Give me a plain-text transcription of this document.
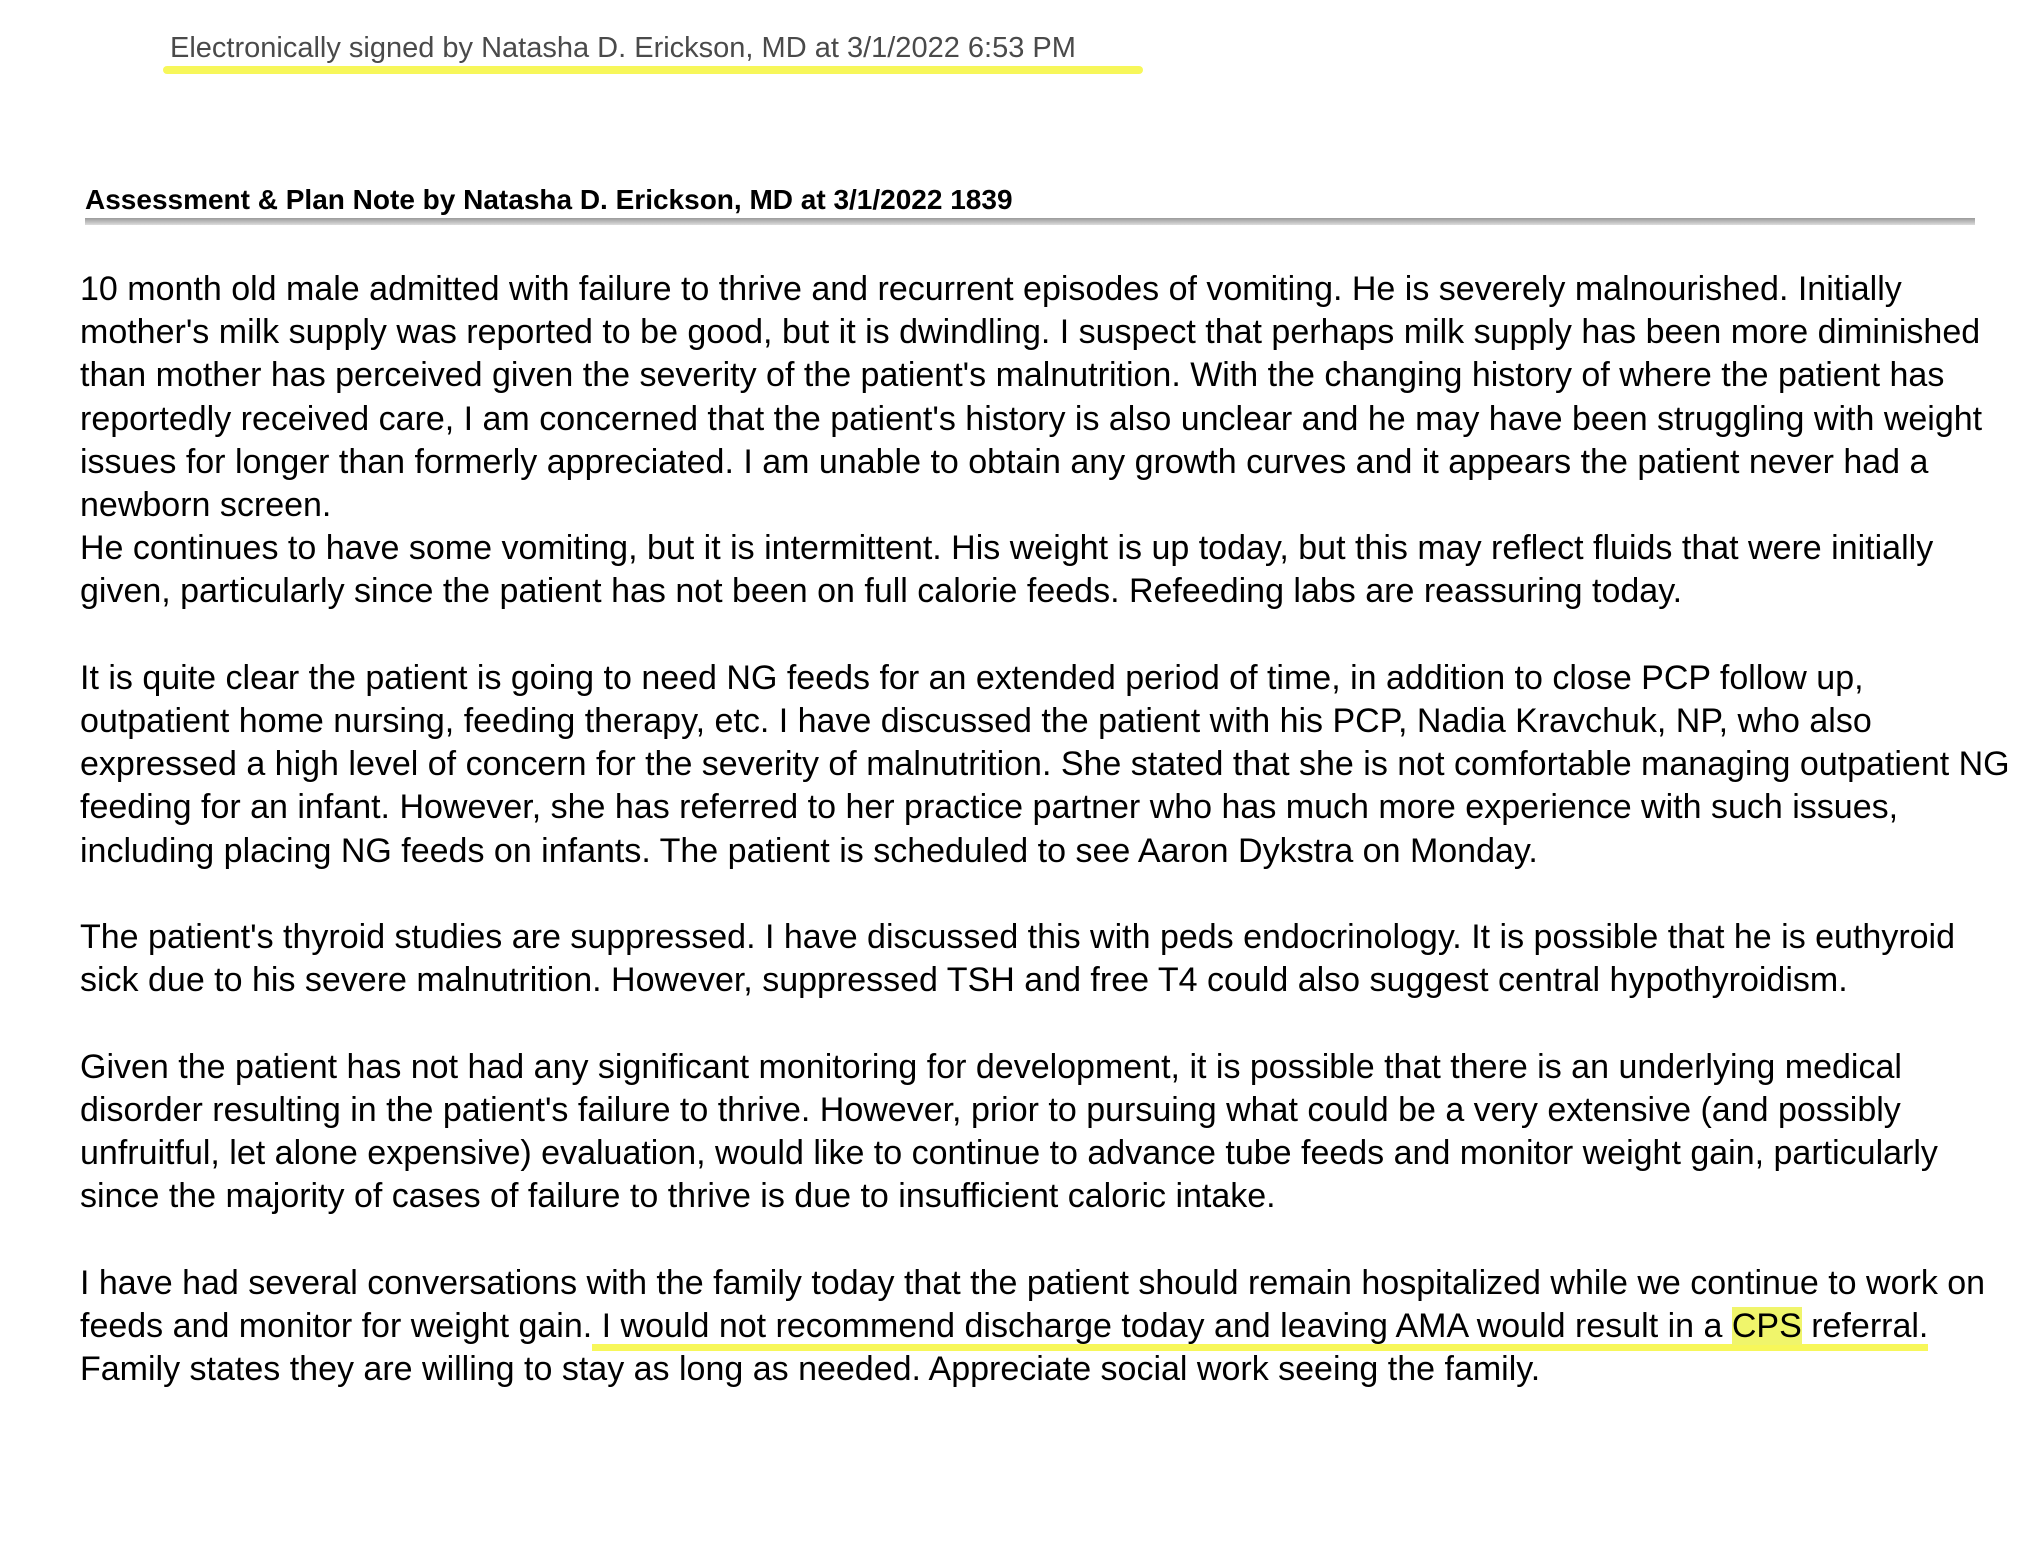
Electronically signed by Natasha D. Erickson, MD at 3/1/2022 6:53 PM
Assessment & Plan Note by Natasha D. Erickson, MD at 3/1/2022 1839

10 month old male admitted with failure to thrive and recurrent episodes of vomiting. He is severely malnourished. Initially mother's milk supply was reported to be good, but it is dwindling. I suspect that perhaps milk supply has been more diminished than mother has perceived given the severity of the patient's malnutrition. With the changing history of where the patient has reportedly received care, I am concerned that the patient's history is also unclear and he may have been struggling with weight issues for longer than formerly appreciated. I am unable to obtain any growth curves and it appears the patient never had a newborn screen.

He continues to have some vomiting, but it is intermittent. His weight is up today, but this may reflect fluids that were initially given, particularly since the patient has not been on full calorie feeds. Refeeding labs are reassuring today.

It is quite clear the patient is going to need NG feeds for an extended period of time, in addition to close PCP follow up, outpatient home nursing, feeding therapy, etc. I have discussed the patient with his PCP, Nadia Kravchuk, NP, who also expressed a high level of concern for the severity of malnutrition. She stated that she is not comfortable managing outpatient NG feeding for an infant. However, she has referred to her practice partner who has much more experience with such issues, including placing NG feeds on infants. The patient is scheduled to see Aaron Dykstra on Monday.

The patient's thyroid studies are suppressed. I have discussed this with peds endocrinology. It is possible that he is euthyroid sick due to his severe malnutrition. However, suppressed TSH and free T4 could also suggest central hypothyroidism.

Given the patient has not had any significant monitoring for development, it is possible that there is an underlying medical disorder resulting in the patient's failure to thrive. However, prior to pursuing what could be a very extensive (and possibly unfruitful, let alone expensive) evaluation, would like to continue to advance tube feeds and monitor weight gain, particularly since the majority of cases of failure to thrive is due to insufficient caloric intake.

I have had several conversations with the family today that the patient should remain hospitalized while we continue to work on feeds and monitor for weight gain. I would not recommend discharge today and leaving AMA would result in a CPS referral. Family states they are willing to stay as long as needed. Appreciate social work seeing the family.
